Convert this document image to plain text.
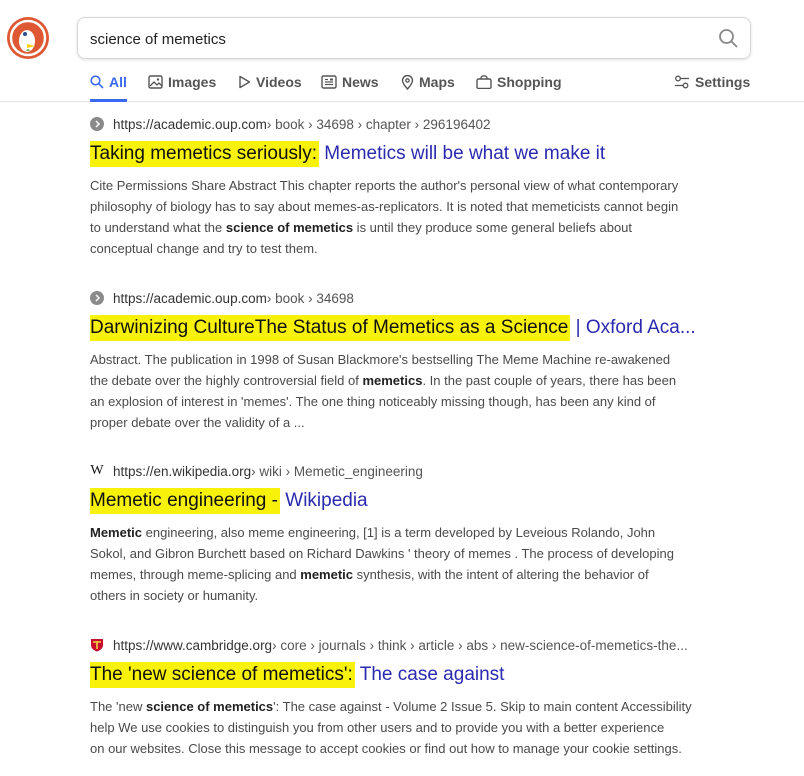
science of memetics
All	Images	Videos	News	Maps	Shopping	Settings
https://academic.oup.com › book › 34698 › chapter › 296196402
Taking memetics seriously: Memetics will be what we make it
Cite Permissions Share Abstract This chapter reports the author's personal view of what contemporary
philosophy of biology has to say about memes-as-replicators. It is noted that memeticists cannot begin
to understand what the science of memetics is until they produce some general beliefs about
conceptual change and try to test them.
https://academic.oup.com › book › 34698
Darwinizing CultureThe Status of Memetics as a Science | Oxford Aca...
Abstract. The publication in 1998 of Susan Blackmore's bestselling The Meme Machine re-awakened
the debate over the highly controversial field of memetics. In the past couple of years, there has been
an explosion of interest in 'memes'. The one thing noticeably missing though, has been any kind of
proper debate over the validity of a ...
W https://en.wikipedia.org › wiki › Memetic_engineering
Memetic engineering - Wikipedia
Memetic engineering, also meme engineering, [1] is a term developed by Leveious Rolando, John
Sokol, and Gibron Burchett based on Richard Dawkins ' theory of memes . The process of developing
memes, through meme-splicing and memetic synthesis, with the intent of altering the behavior of
others in society or humanity.
https://www.cambridge.org › core › journals › think › article › abs › new-science-of-memetics-the...
The 'new science of memetics': The case against
The 'new science of memetics': The case against - Volume 2 Issue 5. Skip to main content Accessibility
help We use cookies to distinguish you from other users and to provide you with a better experience
on our websites. Close this message to accept cookies or find out how to manage your cookie settings.
